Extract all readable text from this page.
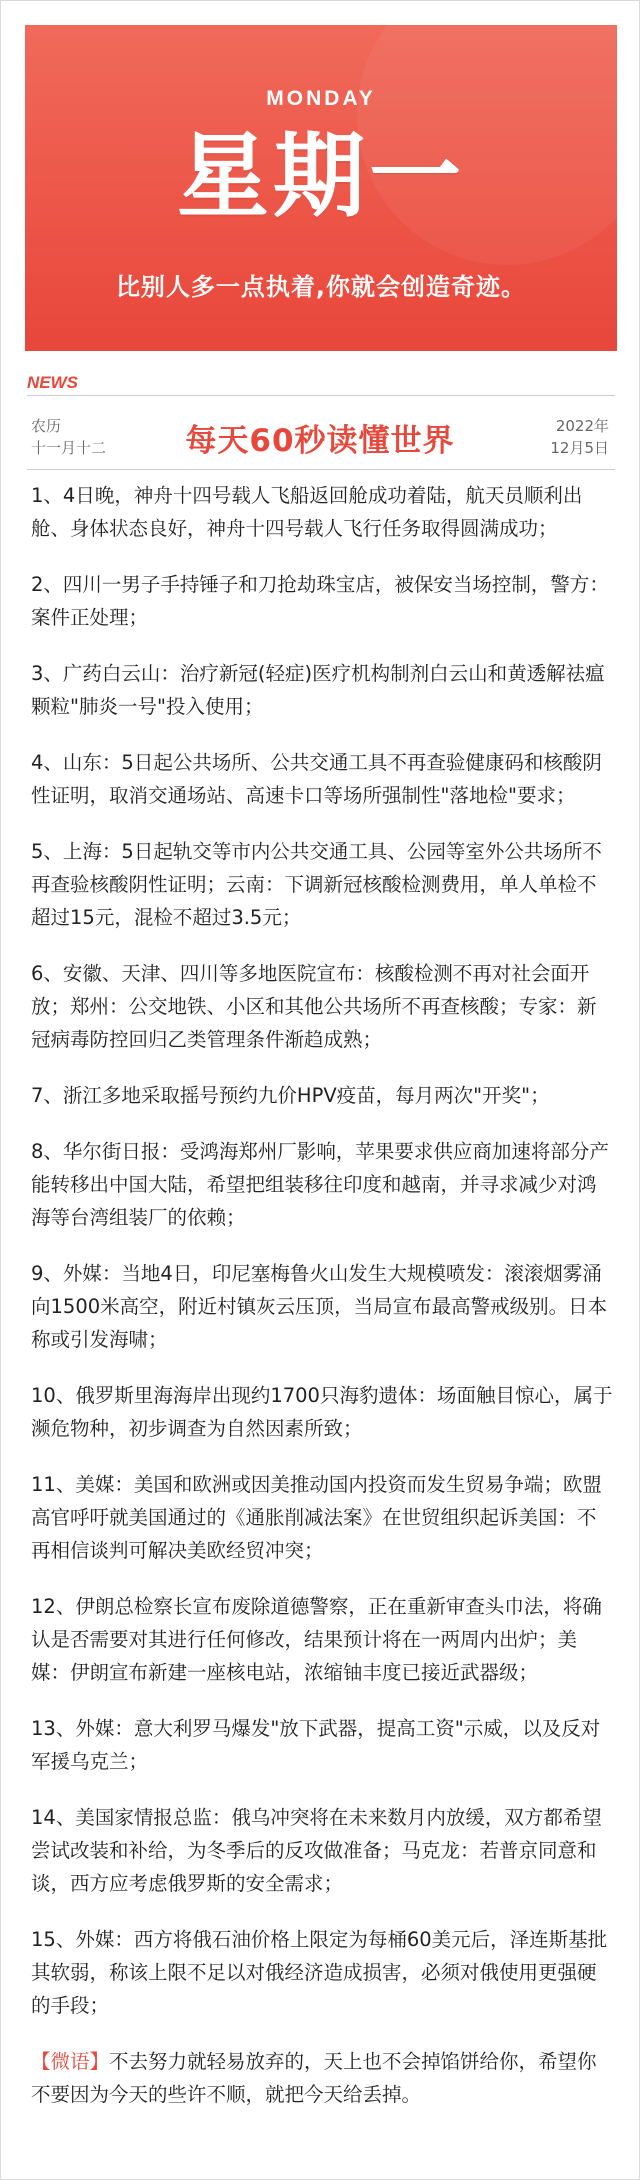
MONDAY
星期一
比别人多一点执着,你就会创造奇迹。
NEWS
农历
十一月十二	每天60秒读懂世界	2022年
12月5日
1、4日晚，神舟十四号载人飞船返回舱成功着陆，航天员顺利出舱、身体状态良好，神舟十四号载人飞行任务取得圆满成功；
2、四川一男子手持锤子和刀抢劫珠宝店，被保安当场控制，警方：案件正处理；
3、广药白云山：治疗新冠(轻症)医疗机构制剂白云山和黄透解祛瘟颗粒"肺炎一号"投入使用；
4、山东：5日起公共场所、公共交通工具不再查验健康码和核酸阴性证明，取消交通场站、高速卡口等场所强制性"落地检"要求；
5、上海：5日起轨交等市内公共交通工具、公园等室外公共场所不再查验核酸阴性证明；云南：下调新冠核酸检测费用，单人单检不超过15元，混检不超过3.5元；
6、安徽、天津、四川等多地医院宣布：核酸检测不再对社会面开放；郑州：公交地铁、小区和其他公共场所不再查核酸；专家：新冠病毒防控回归乙类管理条件渐趋成熟；
7、浙江多地采取摇号预约九价HPV疫苗，每月两次"开奖"；
8、华尔街日报：受鸿海郑州厂影响，苹果要求供应商加速将部分产能转移出中国大陆，希望把组装移往印度和越南，并寻求减少对鸿海等台湾组装厂的依赖；
9、外媒：当地4日，印尼塞梅鲁火山发生大规模喷发：滚滚烟雾涌向1500米高空，附近村镇灰云压顶，当局宣布最高警戒级别。日本称或引发海啸；
10、俄罗斯里海海岸出现约1700只海豹遗体：场面触目惊心，属于濒危物种，初步调查为自然因素所致；
11、美媒：美国和欧洲或因美推动国内投资而发生贸易争端；欧盟高官呼吁就美国通过的《通胀削减法案》在世贸组织起诉美国：不再相信谈判可解决美欧经贸冲突；
12、伊朗总检察长宣布废除道德警察，正在重新审查头巾法，将确认是否需要对其进行任何修改，结果预计将在一两周内出炉；美媒：伊朗宣布新建一座核电站，浓缩铀丰度已接近武器级；
13、外媒：意大利罗马爆发"放下武器，提高工资"示威，以及反对军援乌克兰；
14、美国家情报总监：俄乌冲突将在未来数月内放缓，双方都希望尝试改装和补给，为冬季后的反攻做准备；马克龙：若普京同意和谈，西方应考虑俄罗斯的安全需求；
15、外媒：西方将俄石油价格上限定为每桶60美元后，泽连斯基批其软弱，称该上限不足以对俄经济造成损害，必须对俄使用更强硬的手段；
【微语】不去努力就轻易放弃的，天上也不会掉馅饼给你，希望你不要因为今天的些许不顺，就把今天给丢掉。
